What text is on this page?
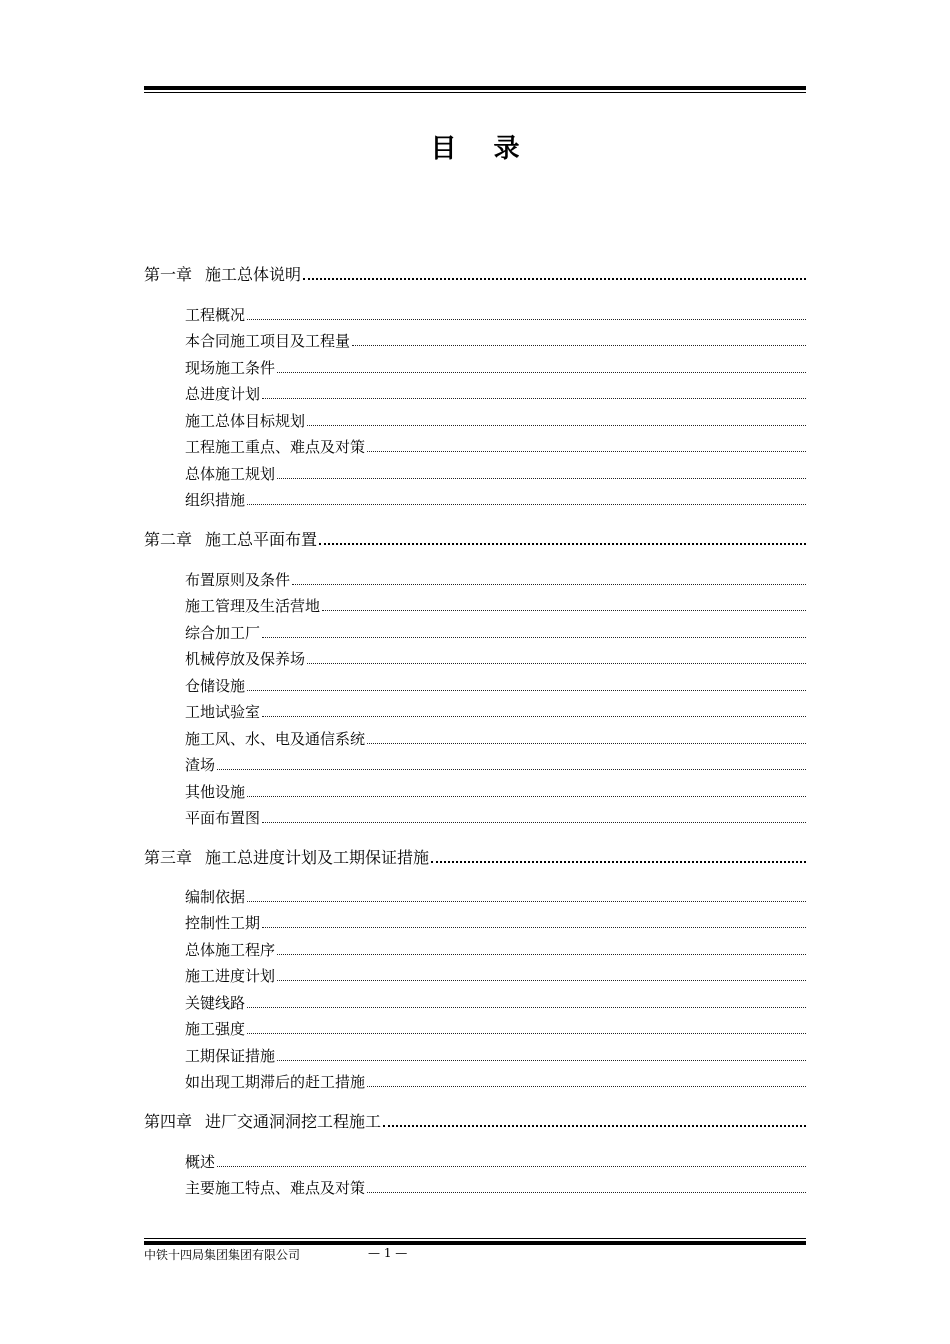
目 录
第一章 施工总体说明
工程概况
本合同施工项目及工程量
现场施工条件
总进度计划
施工总体目标规划
工程施工重点、难点及对策
总体施工规划
组织措施
第二章 施工总平面布置
布置原则及条件
施工管理及生活营地
综合加工厂
机械停放及保养场
仓储设施
工地试验室
施工风、水、电及通信系统
渣场
其他设施
平面布置图
第三章 施工总进度计划及工期保证措施
编制依据
控制性工期
总体施工程序
施工进度计划
关键线路
施工强度
工期保证措施
如出现工期滞后的赶工措施
第四章 进厂交通洞洞挖工程施工
概述
主要施工特点、难点及对策
中铁十四局集团集团有限公司	— 1 —
